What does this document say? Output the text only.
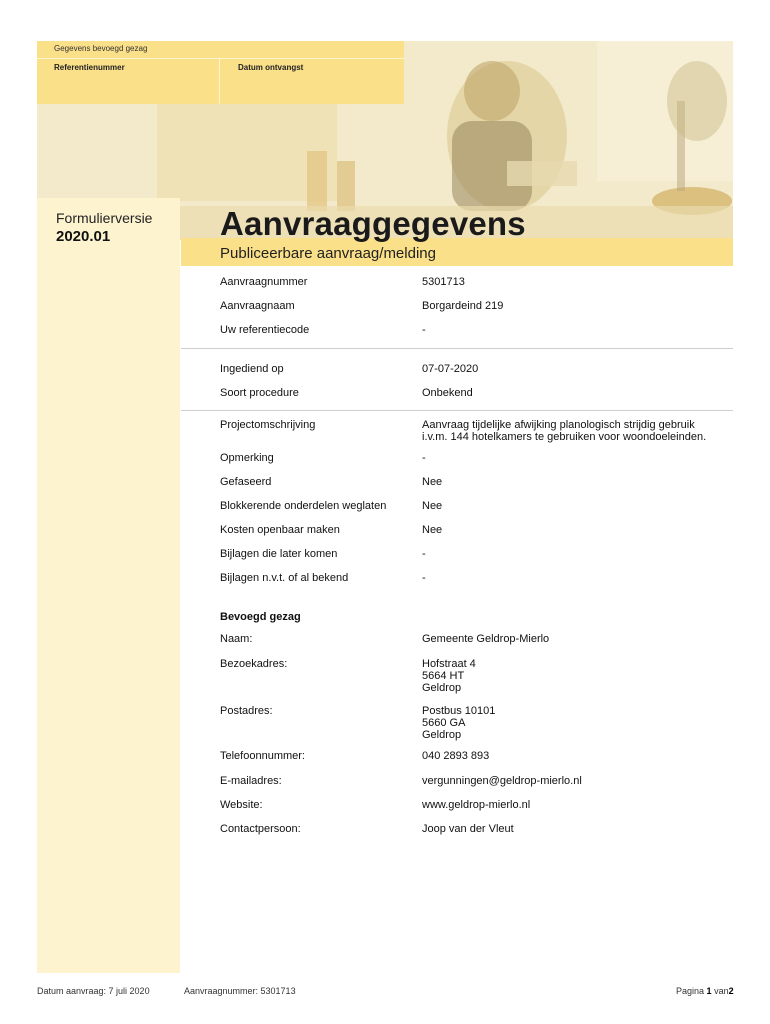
Gegevens bevoegd gezag
Referentienummer	Datum ontvangst
Formulierversie
2020.01	Aanvraaggegevens
Publiceerbare aanvraag/melding
Aanvraagnummer	5301713
Aanvraagnaam	Borgardeind 219
Uw referentiecode	-
Ingediend op	07-07-2020
Soort procedure	Onbekend
Projectomschrijving	Aanvraag tijdelijke afwijking planologisch strijdig gebruik
i.v.m. 144 hotelkamers te gebruiken voor woondoeleinden.
Opmerking	-
Gefaseerd	Nee
Blokkerende onderdelen weglaten	Nee
Kosten openbaar maken	Nee
Bijlagen die later komen	-
Bijlagen n.v.t. of al bekend	-
Bevoegd gezag
Naam:	Gemeente Geldrop-Mierlo
Bezoekadres:	Hofstraat 4
5664 HT
Geldrop
Postadres:	Postbus 10101
5660 GA
Geldrop
Telefoonnummer:	040 2893 893
E-mailadres:	vergunningen@geldrop-mierlo.nl
Website:	www.geldrop-mierlo.nl
Contactpersoon:	Joop van der Vleut
Datum aanvraag: 7 juli 2020	Aanvraagnummer: 5301713	Pagina 1 van2
